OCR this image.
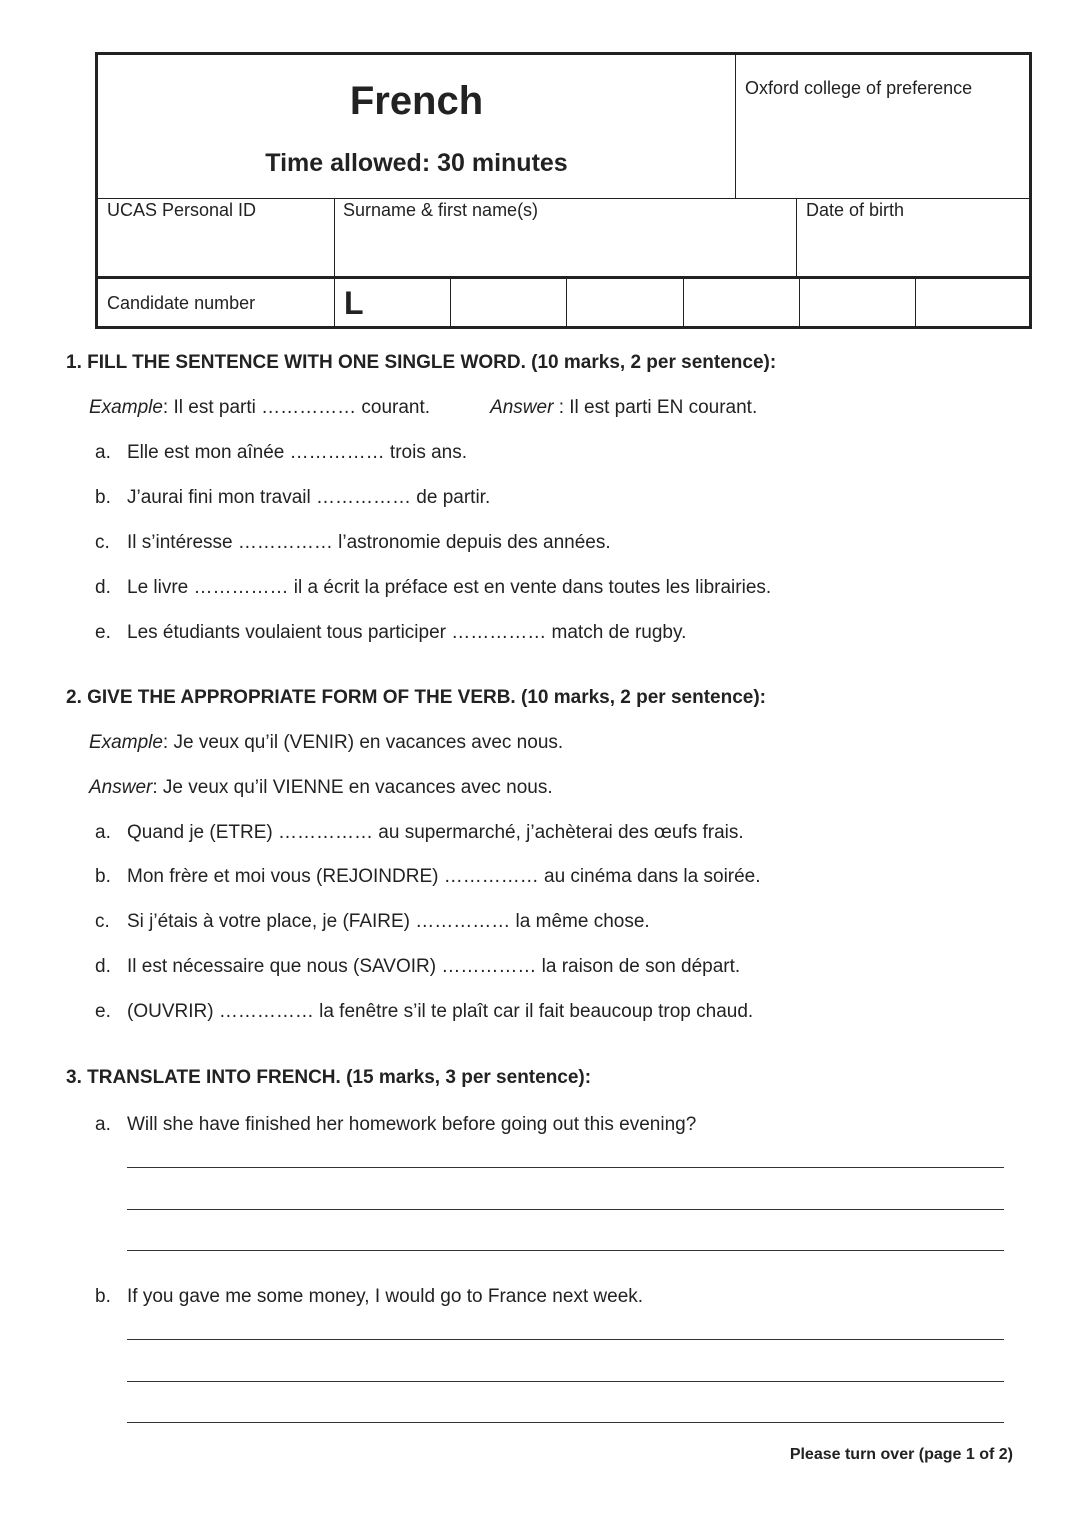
French
Time allowed: 30 minutes
Oxford college of preference
UCAS Personal ID	Surname & first name(s)	Date of birth
Candidate number	L
1. FILL THE SENTENCE WITH ONE SINGLE WORD. (10 marks, 2 per sentence):
Example: Il est parti …………… courant.	Answer : Il est parti EN courant.
a. Elle est mon aînée …………… trois ans.
b. J’aurai fini mon travail …………… de partir.
c. Il s’intéresse …………… l’astronomie depuis des années.
d. Le livre …………… il a écrit la préface est en vente dans toutes les librairies.
e. Les étudiants voulaient tous participer …………… match de rugby.
2. GIVE THE APPROPRIATE FORM OF THE VERB. (10 marks, 2 per sentence):
Example: Je veux qu’il (VENIR) en vacances avec nous.
Answer: Je veux qu’il VIENNE en vacances avec nous.
a. Quand je (ETRE) …………… au supermarché, j’achèterai des œufs frais.
b. Mon frère et moi vous (REJOINDRE) …………… au cinéma dans la soirée.
c. Si j’étais à votre place, je (FAIRE) …………… la même chose.
d. Il est nécessaire que nous (SAVOIR) …………… la raison de son départ.
e. (OUVRIR) …………… la fenêtre s’il te plaît car il fait beaucoup trop chaud.
3. TRANSLATE INTO FRENCH. (15 marks, 3 per sentence):
a. Will she have finished her homework before going out this evening?
b. If you gave me some money, I would go to France next week.
Please turn over (page 1 of 2)
